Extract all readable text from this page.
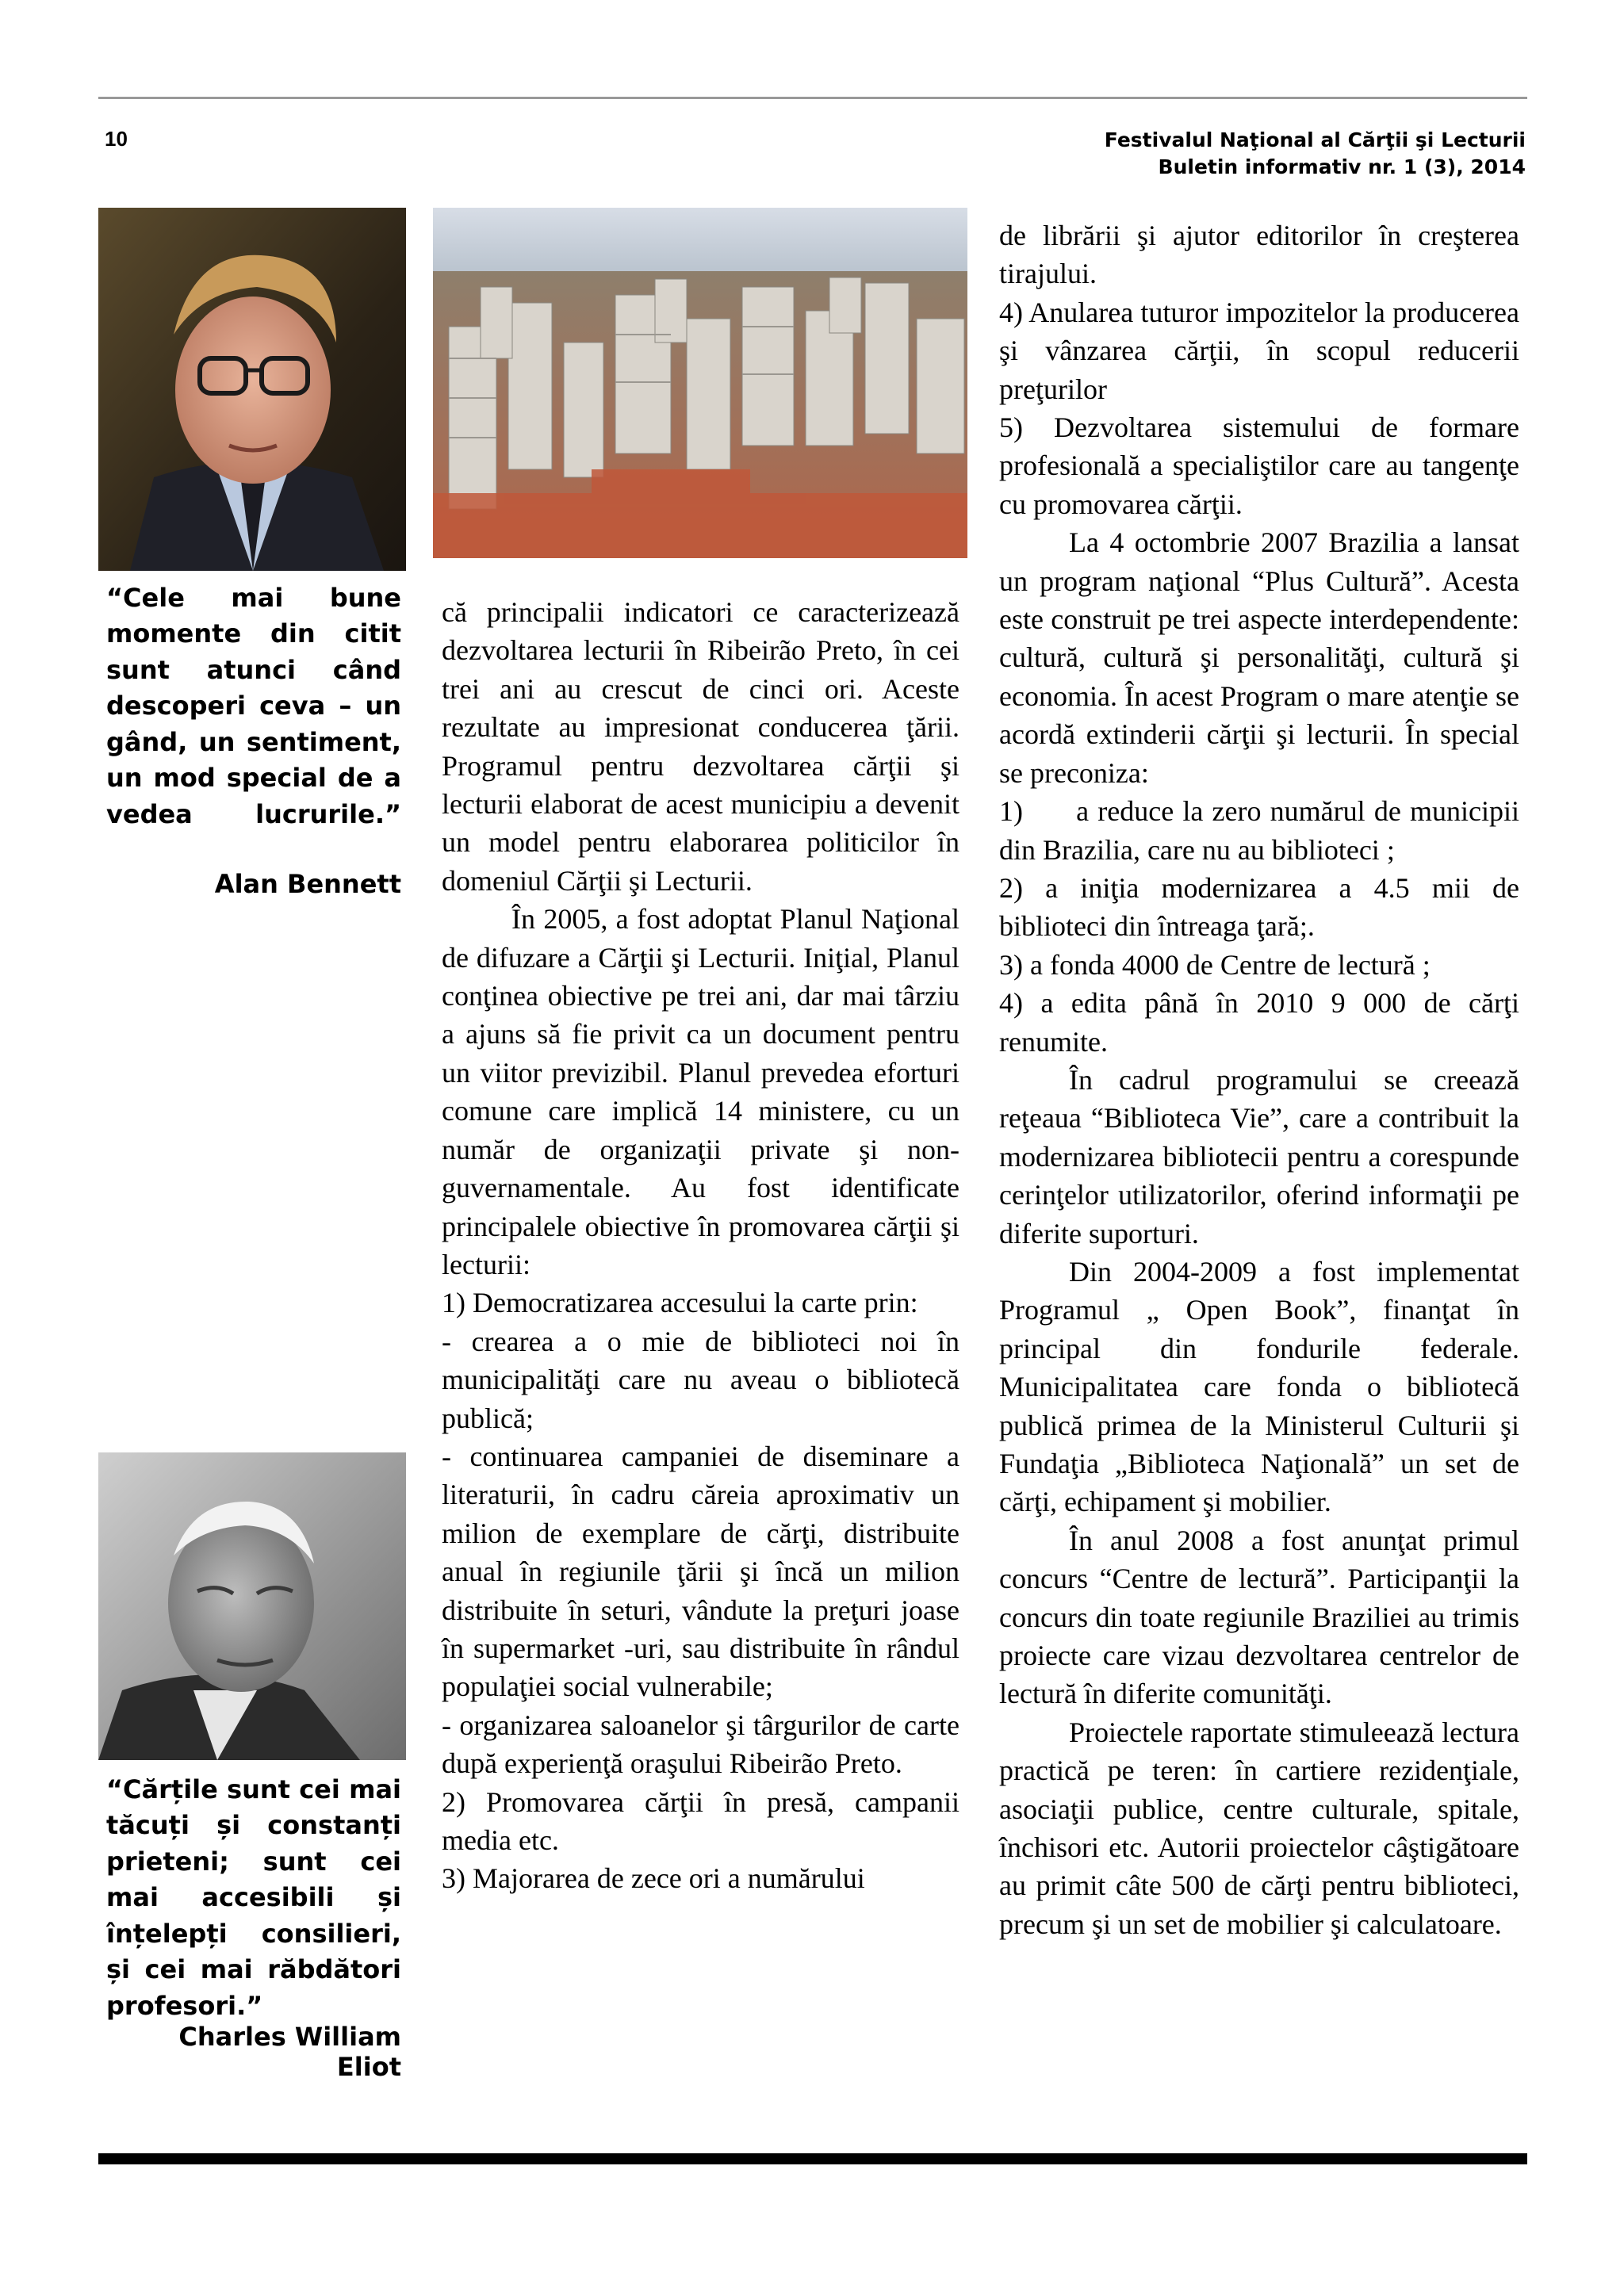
10	Festivalul Naţional al Cărţii şi Lecturii
Buletin informativ nr. 1 (3), 2014
“Cele mai bune momente din citit sunt atunci când descoperi ceva – un gând, un sentiment, un mod special de a vedea lucrurile.”
Alan Bennett
“Cărțile sunt cei mai tăcuți și constanți prieteni; sunt cei mai accesibili și înțelepți consilieri, și cei mai răbdători profesori.”
Charles William Eliot

că principalii indicatori ce caracterizează dezvoltarea lecturii în Ribeirão Preto, în cei trei ani au crescut de cinci ori. Aceste rezultate au impresionat conducerea ţării. Programul pentru dezvoltarea cărţii şi lecturii elaborat de acest municipiu a devenit un model pentru elaborarea politicilor în domeniul Cărţii şi Lecturii.

În 2005, a fost adoptat Planul Naţional de difuzare a Cărţii şi Lecturii. Iniţial, Planul conţinea obiective pe trei ani, dar mai târziu a ajuns să fie privit ca un document pentru un viitor previzibil. Planul prevedea eforturi comune care implică 14 ministere, cu un număr de organizaţii private şi non-guvernamentale. Au fost identificate principalele obiective în promovarea cărţii şi lecturii:

1) Democratizarea accesului la carte prin:

- crearea a o mie de biblioteci noi în municipalităţi care nu aveau o bibliotecă publică;

- continuarea campaniei de diseminare a literaturii, în cadru căreia aproximativ un milion de exemplare de cărţi, distribuite anual în regiunile ţării şi încă un milion distribuite în seturi, vândute la preţuri joase în supermarket -uri, sau distribuite în rândul populaţiei social vulnerabile;

- organizarea saloanelor şi târgurilor de carte după experienţă oraşului Ribeirão Preto.

2) Promovarea cărţii în presă, campanii media etc.

3) Majorarea de zece ori a numărului

de librării şi ajutor editorilor în creşterea tirajului.

4) Anularea tuturor impozitelor la producerea şi vânzarea cărţii, în scopul reducerii preţurilor

5) Dezvoltarea sistemului de formare profesională a specialiştilor care au tangenţe cu promovarea cărţii.

La 4 octombrie 2007 Brazilia a lansat un program naţional “Plus Cultură”. Acesta este construit pe trei aspecte interdependente: cultură, cultură şi personalităţi, cultură şi economia. În acest Program o mare atenţie se acordă extinderii cărţii şi lecturii. În special se preconiza:

1)      a reduce la zero numărul de municipii din Brazilia, care nu au biblioteci ;

2) a iniţia modernizarea a 4.5 mii de biblioteci din întreaga ţară;.

3) a fonda 4000 de Centre de lectură ;

4) a edita până în 2010 9 000 de cărţi renumite.

În cadrul programului se creează reţeaua “Biblioteca Vie”, care a contribuit la modernizarea bibliotecii pentru a corespunde cerinţelor utilizatorilor, oferind informaţii pe diferite suporturi.

Din 2004-2009 a fost implementat Programul „ Open Book”, finanţat în principal din fondurile federale. Municipalitatea care fonda o bibliotecă publică primea de la Ministerul Culturii şi Fundaţia „Biblioteca Naţională” un set de cărţi, echipament şi mobilier.

În anul 2008 a fost anunţat primul concurs “Centre de lectură”. Participanţii la concurs din toate regiunile Braziliei au trimis proiecte care vizau dezvoltarea centrelor de lectură în diferite comunităţi.

Proiectele raportate stimuleează lectura practică pe teren: în cartiere rezidenţiale, asociaţii publice, centre culturale, spitale, închisori etc. Autorii proiectelor câştigătoare au primit câte 500 de cărţi pentru biblioteci, precum şi un set de mobilier şi calculatoare.
